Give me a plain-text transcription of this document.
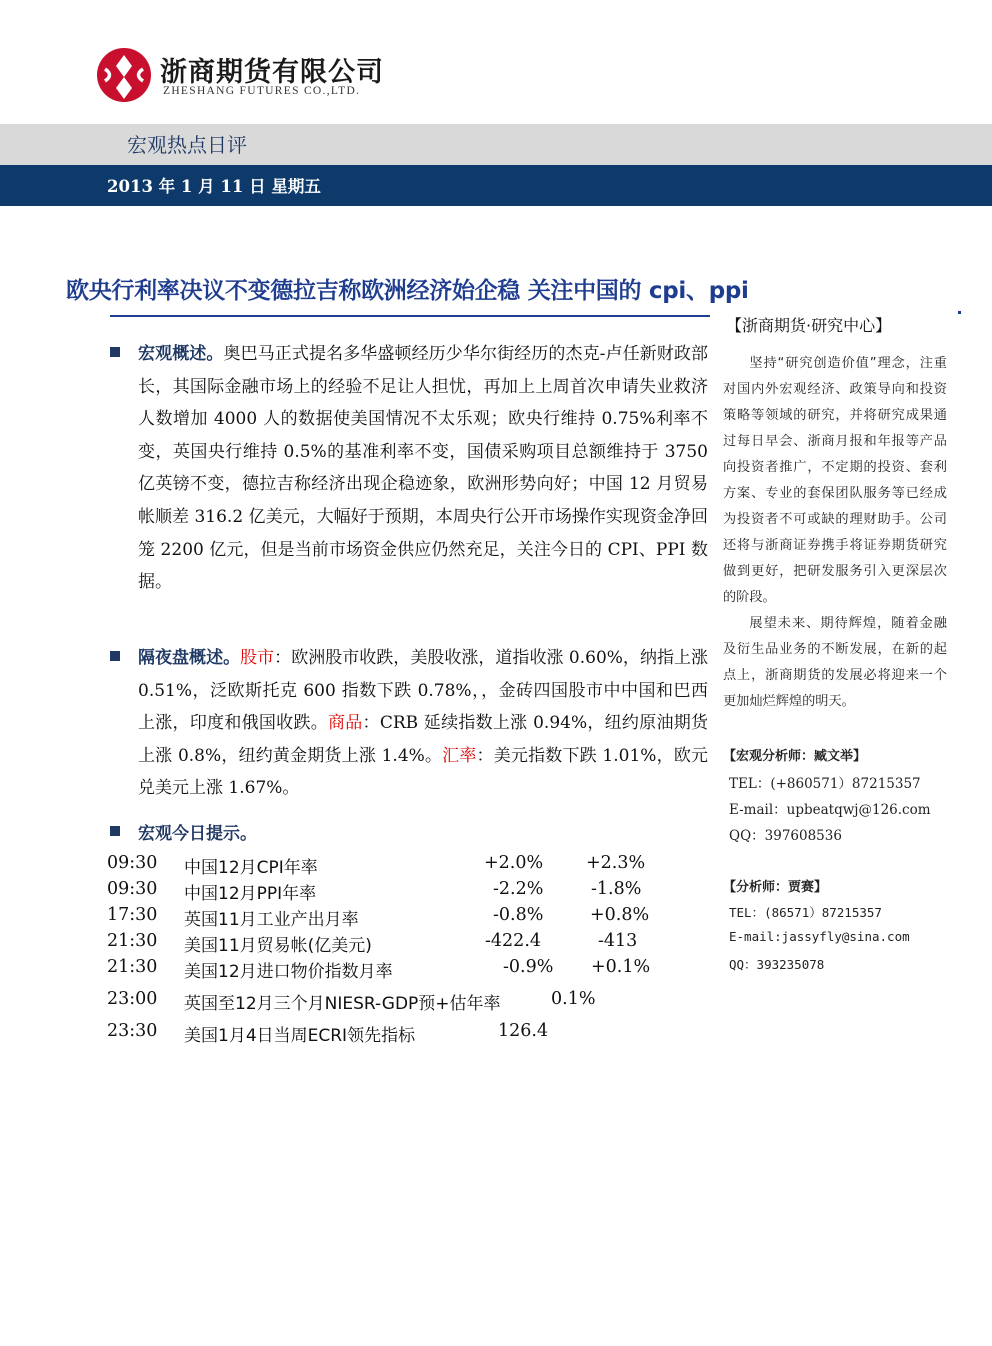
浙商期货有限公司
ZHESHANG FUTURES CO.,LTD.
宏观热点日评
2013 年 1 月 11 日 星期五
欧央行利率决议不变德拉吉称欧洲经济始企稳 关注中国的 cpi、ppi
宏观概述。奥巴马正式提名多华盛顿经历少华尔街经历的杰克-卢任新财政部长，其国际金融市场上的经验不足让人担忧，再加上上周首次申请失业救济人数增加 4000 人的数据使美国情况不太乐观；欧央行维持 0.75%利率不变，英国央行维持 0.5%的基准利率不变，国债采购项目总额维持于 3750 亿英镑不变，德拉吉称经济出现企稳迹象，欧洲形势向好；中国 12 月贸易帐顺差 316.2 亿美元，大幅好于预期，本周央行公开市场操作实现资金净回笼 2200 亿元，但是当前市场资金供应仍然充足，关注今日的 CPI、PPI 数据。
隔夜盘概述。股市：欧洲股市收跌，美股收涨，道指收涨 0.60%，纳指上涨 0.51%，泛欧斯托克 600 指数下跌 0.78%，，金砖四国股市中中国和巴西上涨，印度和俄国收跌。商品：CRB 延续指数上涨 0.94%，纽约原油期货上涨 0.8%，纽约黄金期货上涨 1.4%。汇率：美元指数下跌 1.01%，欧元兑美元上涨 1.67%。
宏观今日提示。
09:30 中国12月CPI年率	+2.0% +2.3%
09:30 中国12月PPI年率	-2.2%	-1.8%
17:30 英国11月工业产出月率	-0.8%	+0.8%
21:30 美国11月贸易帐(亿美元)	-422.4	-413
21:30 美国12月进口物价指数月率	-0.9% +0.1%
23:00 英国至12月三个月NIESR-GDP预+估年率	0.1%
23:30 美国1月4日当周ECRI领先指标	126.4
【浙商期货·研究中心】
坚持“研究创造价值”理念，注重对国内外宏观经济、政策导向和投资策略等领域的研究，并将研究成果通过每日早会、浙商月报和年报等产品向投资者推广，不定期的投资、套利方案、专业的套保团队服务等已经成为投资者不可或缺的理财助手。公司还将与浙商证券携手将证券期货研究做到更好，把研发服务引入更深层次的阶段。
展望未来、期待辉煌，随着金融及衍生品业务的不断发展，在新的起点上，浙商期货的发展必将迎来一个更加灿烂辉煌的明天。
【宏观分析师：臧文举】
TEL：(+860571）87215357
E-mail：upbeatqwj@126.com
QQ：397608536
【分析师：贾赛】
TEL：(86571）87215357
E-mail:jassyfly@sina.com
QQ：393235078
